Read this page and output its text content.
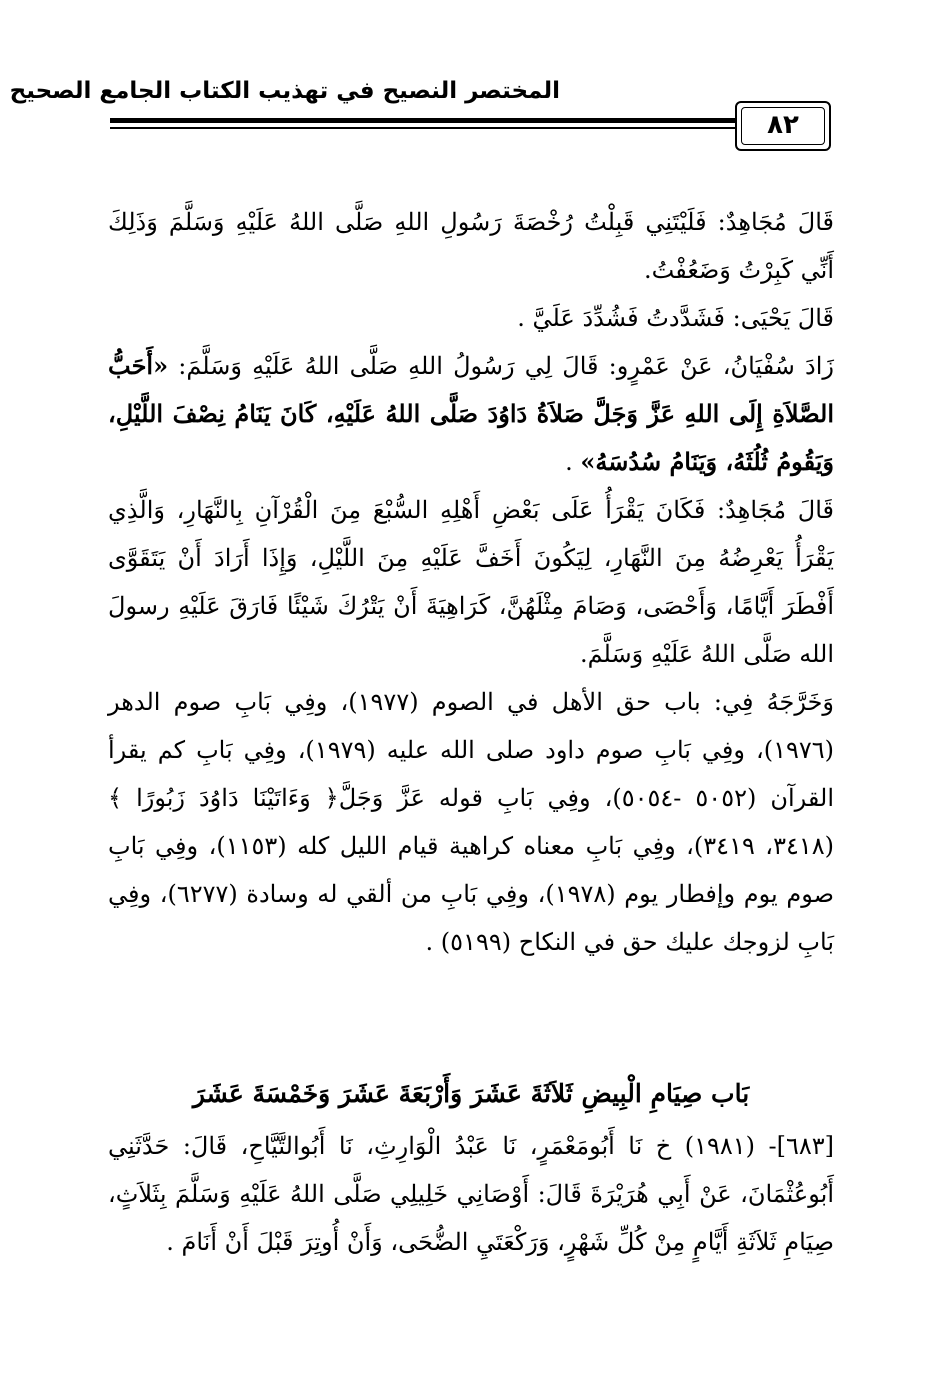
المختصر النصيح في تهذيب الكتاب الجامع الصحيح
٨٢

قَالَ مُجَاهِدٌ: فَلَيْتَنِي قَبِلْتُ رُخْصَةَ رَسُولِ اللهِ صَلَّى اللهُ عَلَيْهِ وَسَلَّمَ وَذَلِكَ أَنِّي كَبِرْتُ وَضَعُفْتُ.

قَالَ يَحْيَى: فَشَدَّدتُ فَشُدِّدَ عَلَيَّ .

زَادَ سُفْيَانُ، عَنْ عَمْرٍو: قَالَ لِي رَسُولُ اللهِ صَلَّى اللهُ عَلَيْهِ وَسَلَّمَ: «أَحَبُّ الصَّلاَةِ إِلَى اللهِ عَزَّ وَجَلَّ صَلاَةُ دَاوُدَ صَلَّى اللهُ عَلَيْهِ، كَانَ يَنَامُ نِصْفَ اللَّيْلِ، وَيَقُومُ ثُلُثَهُ، وَيَنَامُ سُدُسَهُ» .

قَالَ مُجَاهِدٌ: فَكَانَ يَقْرَأُ عَلَى بَعْضِ أَهْلِهِ السُّبْعَ مِنَ الْقُرْآنِ بِالنَّهَارِ، وَالَّذِي يَقْرَأُ يَعْرِضُهُ مِنَ النَّهَارِ، لِيَكُونَ أَخَفَّ عَلَيْهِ مِنَ اللَّيْلِ، وَإِذَا أَرَادَ أَنْ يَتَقَوَّى أَفْطَرَ أَيَّامًا، وَأَحْصَى، وَصَامَ مِثْلَهُنَّ، كَرَاهِيَةَ أَنْ يَتْرُكَ شَيْئًا فَارَقَ عَلَيْهِ رسولَ الله صَلَّى اللهُ عَلَيْهِ وَسَلَّمَ.

وَخَرَّجَهُ فِي: باب حق الأهل في الصوم (١٩٧٧)، وفِي بَابِ صوم الدهر (١٩٧٦)، وفِي بَابِ صوم داود صلى الله عليه (١٩٧٩)، وفِي بَابِ كم يقرأ القرآن (٥٠٥٢ -٥٠٥٤)، وفِي بَابِ قوله عَزَّ وَجَلَّ﴿ وَءَاتَيْنَا دَاوُدَ زَبُورًا ﴾ (٣٤١٨، ٣٤١٩)، وفِي بَابِ معناه كراهية قيام الليل كله (١١٥٣)، وفِي بَابِ صوم يوم وإفطار يوم (١٩٧٨)، وفِي بَابِ من ألقي له وسادة (٦٢٧٧)، وفِي بَابِ لزوجك عليك حق في النكاح (٥١٩٩) .

بَاب صِيَامِ الْبِيضِ ثَلاَثَةَ عَشَرَ وَأَرْبَعَةَ عَشَرَ وَخَمْسَةَ عَشَرَ

[٦٨٣]- (١٩٨١) خ نَا أَبُومَعْمَرٍ، نَا عَبْدُ الْوَارِثِ، نَا أَبُوالتَّيَّاحِ، قَالَ: حَدَّثَنِي أَبُوعُثْمَانَ، عَنْ أَبِي هُرَيْرَةَ قَالَ: أَوْصَانِي خَلِيلِي صَلَّى اللهُ عَلَيْهِ وَسَلَّمَ بِثَلاَثٍ، صِيَامِ ثَلاَثَةِ أَيَّامٍ مِنْ كُلِّ شَهْرٍ، وَرَكْعَتَيِ الضُّحَى، وَأَنْ أُوتِرَ قَبْلَ أَنْ أَنَامَ .
